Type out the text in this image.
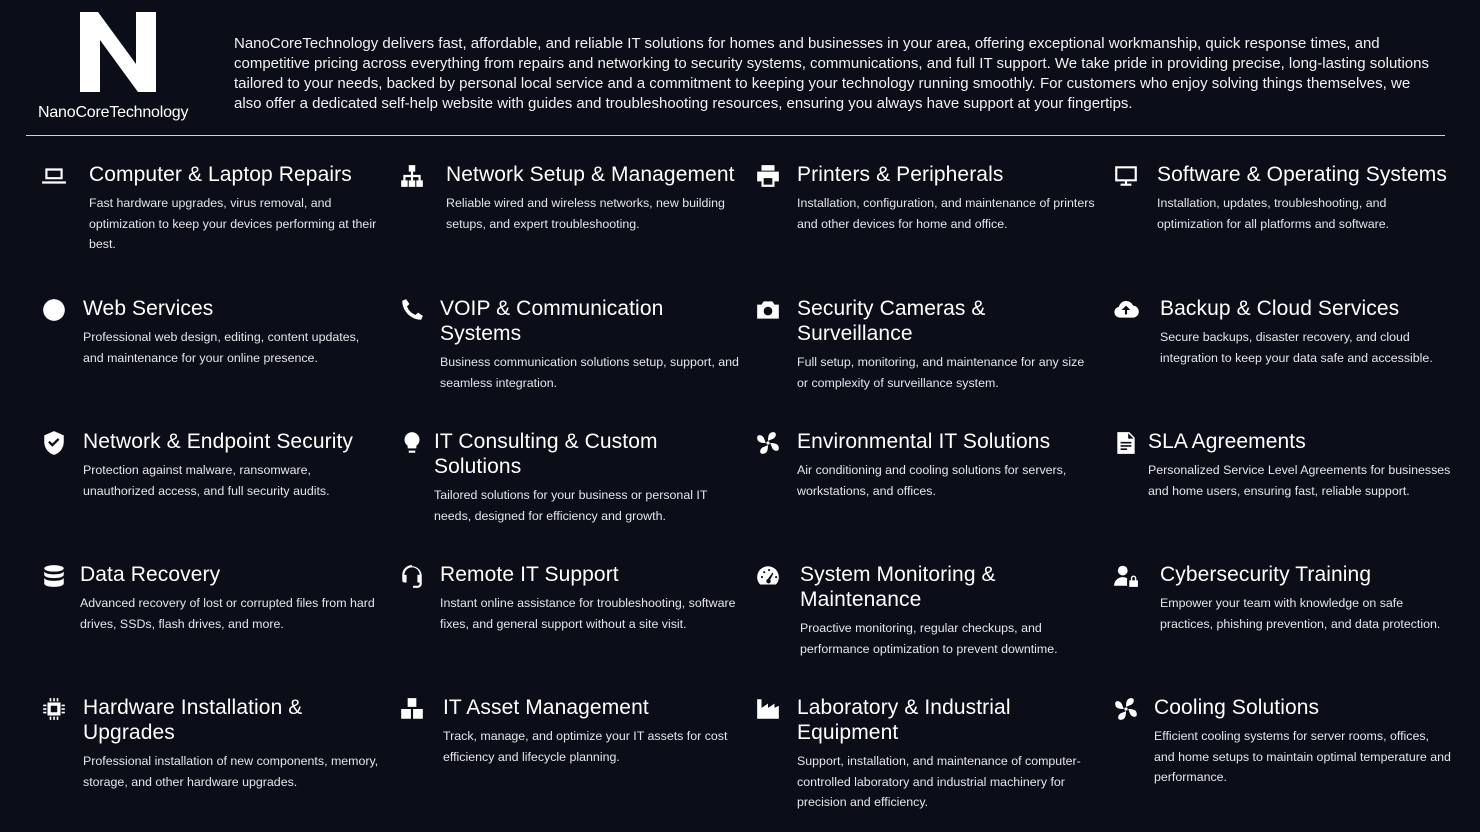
NanoCoreTechnology
NanoCoreTechnology delivers fast, affordable, and reliable IT solutions for homes and businesses in your area, offering exceptional workmanship, quick response times, and competitive pricing across everything from repairs and networking to security systems, communications, and full IT support. We take pride in providing precise, long-lasting solutions tailored to your needs, backed by personal local service and a commitment to keeping your technology running smoothly. For customers who enjoy solving things themselves, we also offer a dedicated self-help website with guides and troubleshooting resources, ensuring you always have support at your fingertips.
Computer & Laptop Repairs

Fast hardware upgrades, virus removal, and optimization to keep your devices performing at their best.

Network Setup & Management

Reliable wired and wireless networks, new building setups, and expert troubleshooting.

Printers & Peripherals

Installation, configuration, and maintenance of printers and other devices for home and office.

Software & Operating Systems

Installation, updates, troubleshooting, and optimization for all platforms and software.

Web Services

Professional web design, editing, content updates, and maintenance for your online presence.

VOIP & Communication Systems

Business communication solutions setup, support, and seamless integration.

Security Cameras & Surveillance

Full setup, monitoring, and maintenance for any size or complexity of surveillance system.

Backup & Cloud Services

Secure backups, disaster recovery, and cloud integration to keep your data safe and accessible.

Network & Endpoint Security

Protection against malware, ransomware, unauthorized access, and full security audits.

IT Consulting & Custom Solutions

Tailored solutions for your business or personal IT needs, designed for efficiency and growth.

Environmental IT Solutions

Air conditioning and cooling solutions for servers, workstations, and offices.

SLA Agreements

Personalized Service Level Agreements for businesses and home users, ensuring fast, reliable support.

Data Recovery

Advanced recovery of lost or corrupted files from hard drives, SSDs, flash drives, and more.

Remote IT Support

Instant online assistance for troubleshooting, software fixes, and general support without a site visit.

System Monitoring & Maintenance

Proactive monitoring, regular checkups, and performance optimization to prevent downtime.

Cybersecurity Training

Empower your team with knowledge on safe practices, phishing prevention, and data protection.

Hardware Installation & Upgrades

Professional installation of new components, memory, storage, and other hardware upgrades.

IT Asset Management

Track, manage, and optimize your IT assets for cost efficiency and lifecycle planning.

Laboratory & Industrial Equipment

Support, installation, and maintenance of computer-controlled laboratory and industrial machinery for precision and efficiency.

Cooling Solutions

Efficient cooling systems for server rooms, offices, and home setups to maintain optimal temperature and performance.
